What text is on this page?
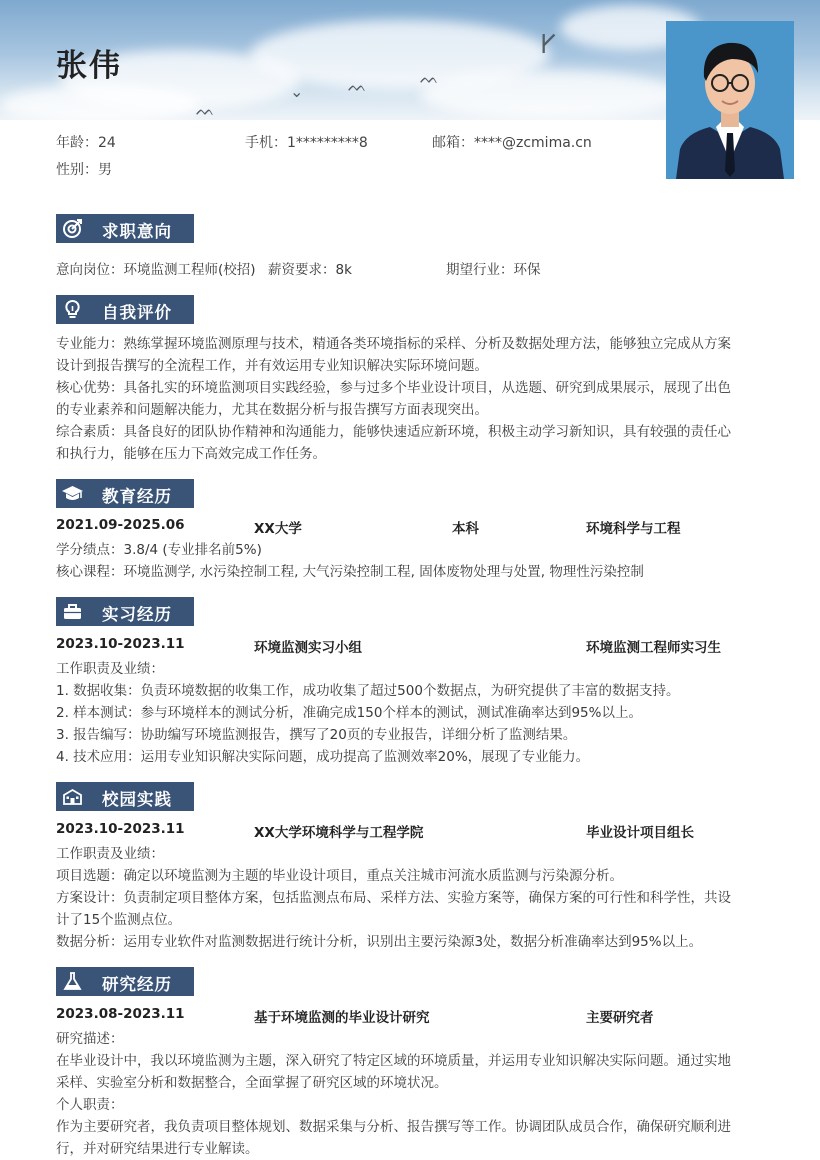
𐌖
⌄	ᨓ	ᨓ
ᨓ
张伟
年龄：24	手机：1*********8	邮箱：****@zcmima.cn
性别：男
求职意向
意向岗位：环境监测工程师(校招) 薪资要求：8k	期望行业：环保
自我评价
专业能力：熟练掌握环境监测原理与技术，精通各类环境指标的采样、分析及数据处理方法，能够独立完成从方案
设计到报告撰写的全流程工作，并有效运用专业知识解决实际环境问题。
核心优势：具备扎实的环境监测项目实践经验，参与过多个毕业设计项目，从选题、研究到成果展示，展现了出色
的专业素养和问题解决能力，尤其在数据分析与报告撰写方面表现突出。
综合素质：具备良好的团队协作精神和沟通能力，能够快速适应新环境，积极主动学习新知识，具有较强的责任心
和执行力，能够在压力下高效完成工作任务。
教育经历
2021.09-2025.06	XX大学	本科	环境科学与工程
学分绩点：3.8/4 (专业排名前5%)
核心课程：环境监测学, 水污染控制工程, 大气污染控制工程, 固体废物处理与处置, 物理性污染控制
实习经历
2023.10-2023.11	环境监测实习小组	环境监测工程师实习生
工作职责及业绩：
1. 数据收集：负责环境数据的收集工作，成功收集了超过500个数据点，为研究提供了丰富的数据支持。
2. 样本测试：参与环境样本的测试分析，准确完成150个样本的测试，测试准确率达到95%以上。
3. 报告编写：协助编写环境监测报告，撰写了20页的专业报告，详细分析了监测结果。
4. 技术应用：运用专业知识解决实际问题，成功提高了监测效率20%，展现了专业能力。
校园实践
2023.10-2023.11	XX大学环境科学与工程学院	毕业设计项目组长
工作职责及业绩：
项目选题：确定以环境监测为主题的毕业设计项目，重点关注城市河流水质监测与污染源分析。
方案设计：负责制定项目整体方案，包括监测点布局、采样方法、实验方案等，确保方案的可行性和科学性，共设
计了15个监测点位。
数据分析：运用专业软件对监测数据进行统计分析，识别出主要污染源3处，数据分析准确率达到95%以上。
研究经历
2023.08-2023.11	基于环境监测的毕业设计研究	主要研究者
研究描述：
在毕业设计中，我以环境监测为主题，深入研究了特定区域的环境质量，并运用专业知识解决实际问题。通过实地
采样、实验室分析和数据整合，全面掌握了研究区域的环境状况。
个人职责：
作为主要研究者，我负责项目整体规划、数据采集与分析、报告撰写等工作。协调团队成员合作，确保研究顺利进
行，并对研究结果进行专业解读。
